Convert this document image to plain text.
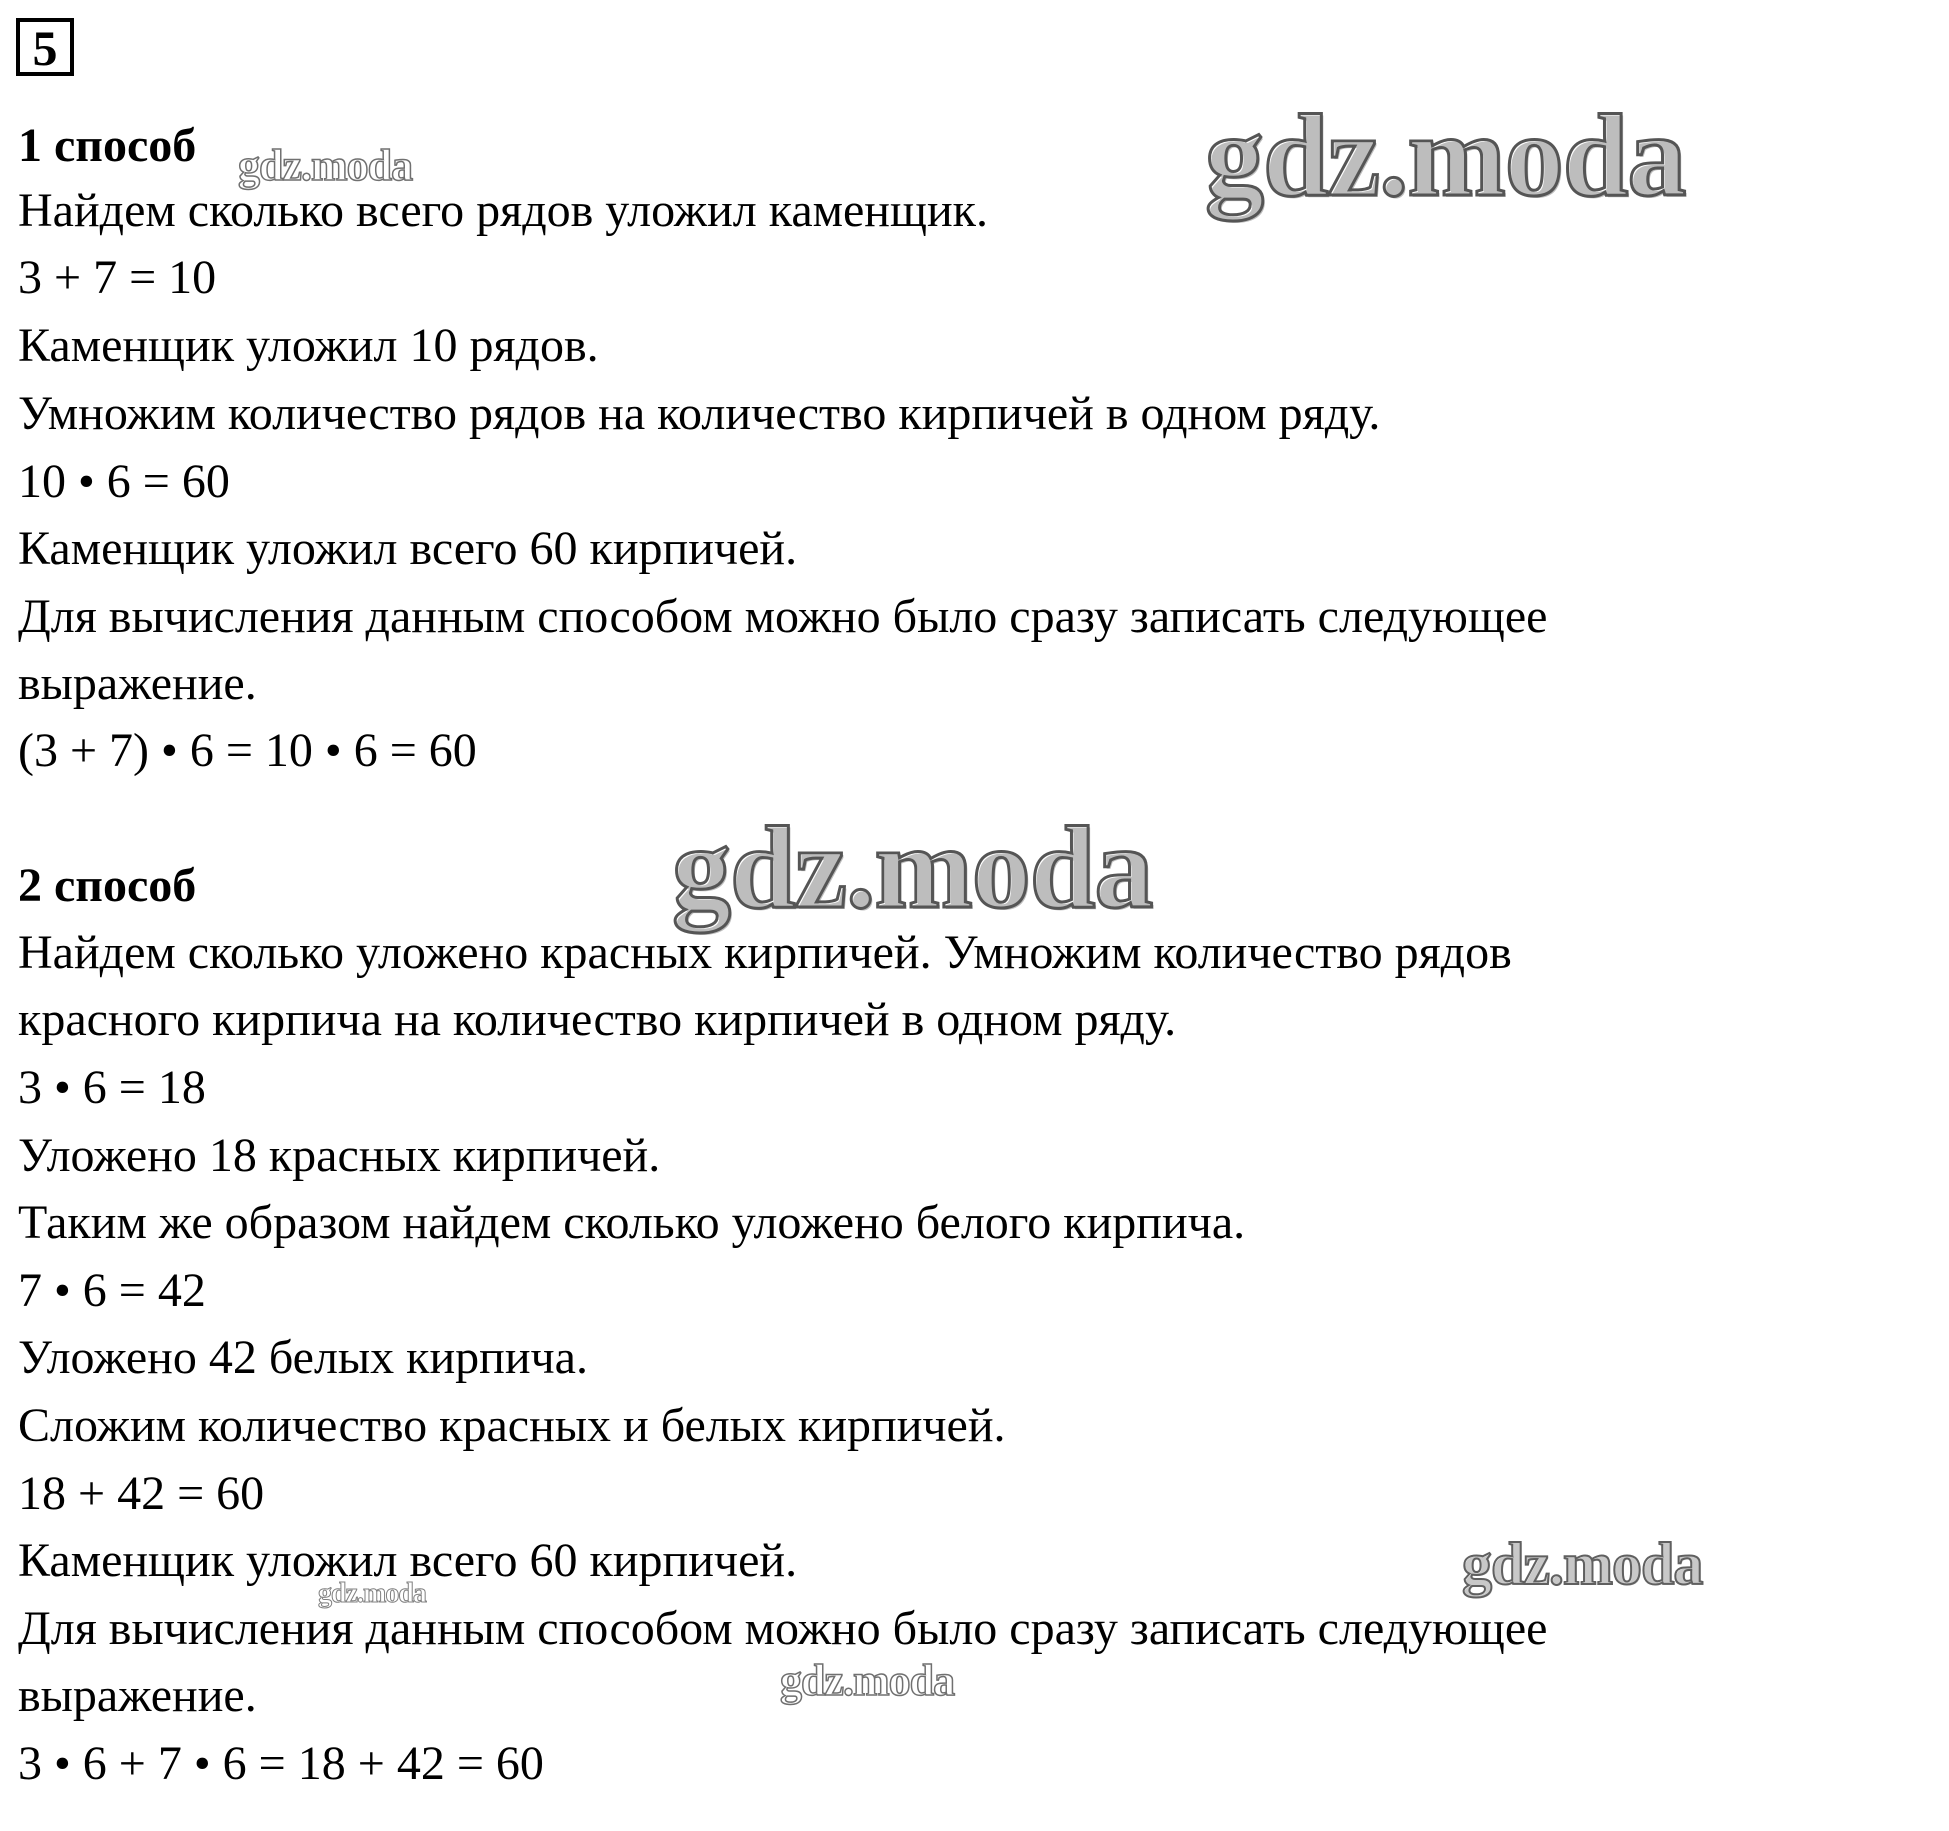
gdz.moda
gdz.moda
gdz.moda
gdz.moda
gdz.moda
gdz.moda
5
1 способ
Найдем сколько всего рядов уложил каменщик.
3 + 7 = 10
Каменщик уложил 10 рядов.
Умножим количество рядов на количество кирпичей в одном ряду.
10 • 6 = 60
Каменщик уложил всего 60 кирпичей.
Для вычисления данным способом можно было сразу записать следующее
выражение.
(3 + 7) • 6 = 10 • 6 = 60
2 способ
Найдем сколько уложено красных кирпичей. Умножим количество рядов
красного кирпича на количество кирпичей в одном ряду.
3 • 6 = 18
Уложено 18 красных кирпичей.
Таким же образом найдем сколько уложено белого кирпича.
7 • 6 = 42
Уложено 42 белых кирпича.
Сложим количество красных и белых кирпичей.
18 + 42 = 60
Каменщик уложил всего 60 кирпичей.
Для вычисления данным способом можно было сразу записать следующее
выражение.
3 • 6 + 7 • 6 = 18 + 42 = 60
